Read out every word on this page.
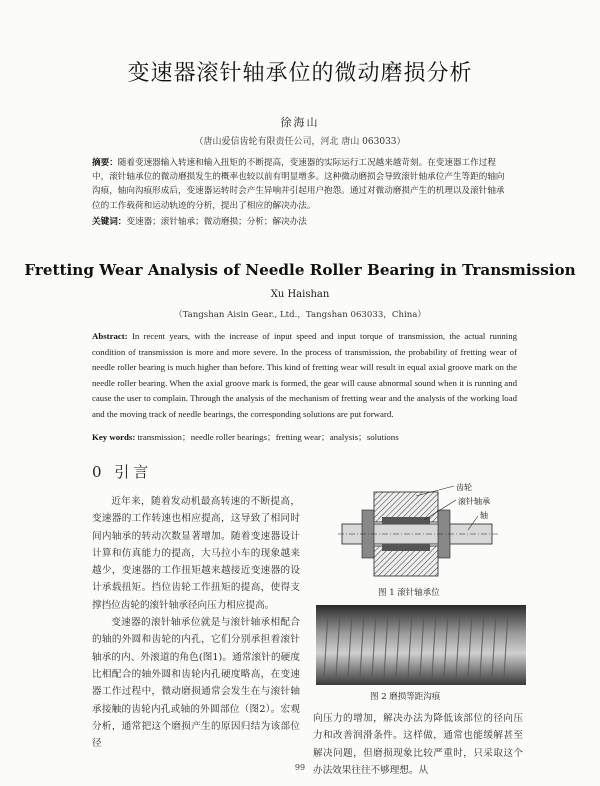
变速器滚针轴承位的微动磨损分析
徐海山
（唐山爱信齿轮有限责任公司，河北 唐山 063033）
摘要：随着变速器输入转速和输入扭矩的不断提高，变速器的实际运行工况越来越苛刻。在变速器工作过程中，滚针轴承位的微动磨损发生的概率也较以前有明显增多。这种微动磨损会导致滚针轴承位产生等距的轴向沟痕，轴向沟痕形成后，变速器运转时会产生异响并引起用户抱怨。通过对微动磨损产生的机理以及滚针轴承位的工作载荷和运动轨迹的分析，提出了相应的解决办法。
关键词：变速器；滚针轴承；微动磨损；分析；解决办法
Fretting Wear Analysis of Needle Roller Bearing in Transmission
Xu Haishan
（Tangshan Aisin Gear., Ltd.，Tangshan 063033，China）
Abstract: In recent years, with the increase of input speed and input torque of transmission, the actual running condition of transmission is more and more severe. In the process of transmission, the probability of fretting wear of needle roller bearing is much higher than before. This kind of fretting wear will result in equal axial groove mark on the needle roller bearing. When the axial groove mark is formed, the gear will cause abnormal sound when it is running and cause the user to complain. Through the analysis of the mechanism of fretting wear and the analysis of the working load and the moving track of needle bearings, the corresponding solutions are put forward.
Key words: transmission；needle roller bearings；fretting wear；analysis；solutions
0 引言

近年来，随着发动机最高转速的不断提高，变速器的工作转速也相应提高，这导致了相同时间内轴承的转动次数显著增加。随着变速器设计计算和仿真能力的提高，大马拉小车的现象越来越少，变速器的工作扭矩越来越接近变速器的设计承载扭矩。挡位齿轮工作扭矩的提高，使得支撑挡位齿轮的滚针轴承径向压力相应提高。

变速器的滚针轴承位就是与滚针轴承相配合的轴的外圆和齿轮的内孔，它们分别承担着滚针轴承的内、外滚道的角色(图1)。通常滚针的硬度比相配合的轴外圆和齿轮内孔硬度略高，在变速器工作过程中，微动磨损通常会发生在与滚针轴承接触的齿轮内孔或轴的外圆部位（图2）。宏观分析，通常把这个磨损产生的原因归结为该部位径

齿轮
滚针轴承
轴
图 1 滚针轴承位
图 2 磨损等距沟痕
向压力的增加，解决办法为降低该部位的径向压力和改善润滑条件。这样做，通常也能缓解甚至解决问题，但磨损现象比较严重时，只采取这个办法效果往往不够理想。从
99
